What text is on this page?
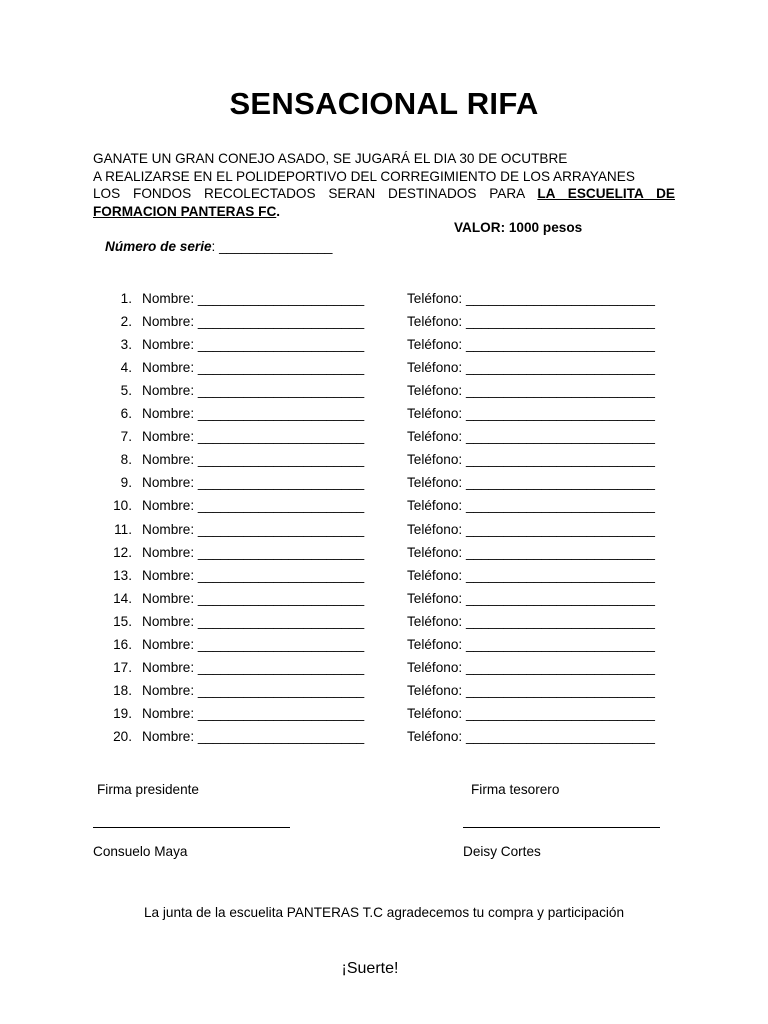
SENSACIONAL RIFA
GANATE UN GRAN CONEJO ASADO, SE JUGARÁ EL DIA 30 DE OCUTBRE
A REALIZARSE EN EL POLIDEPORTIVO DEL CORREGIMIENTO DE LOS ARRAYANES
LOS FONDOS RECOLECTADOS SERAN DESTINADOS PARA LA ESCUELITA DE
FORMACION PANTERAS FC.
VALOR: 1000 pesos
Número de serie: _______________
1. Nombre: ______________________	Teléfono: _________________________
2. Nombre: ______________________	Teléfono: _________________________
3. Nombre: ______________________	Teléfono: _________________________
4. Nombre: ______________________	Teléfono: _________________________
5. Nombre: ______________________	Teléfono: _________________________
6. Nombre: ______________________	Teléfono: _________________________
7. Nombre: ______________________	Teléfono: _________________________
8. Nombre: ______________________	Teléfono: _________________________
9. Nombre: ______________________	Teléfono: _________________________
10. Nombre: ______________________	Teléfono: _________________________
11. Nombre: ______________________	Teléfono: _________________________
12. Nombre: ______________________	Teléfono: _________________________
13. Nombre: ______________________	Teléfono: _________________________
14. Nombre: ______________________	Teléfono: _________________________
15. Nombre: ______________________	Teléfono: _________________________
16. Nombre: ______________________	Teléfono: _________________________
17. Nombre: ______________________	Teléfono: _________________________
18. Nombre: ______________________	Teléfono: _________________________
19. Nombre: ______________________	Teléfono: _________________________
20. Nombre: ______________________	Teléfono: _________________________
Firma presidente
Consuelo Maya
Firma tesorero
Deisy Cortes
La junta de la escuelita PANTERAS T.C agradecemos tu compra y participación
¡Suerte!
